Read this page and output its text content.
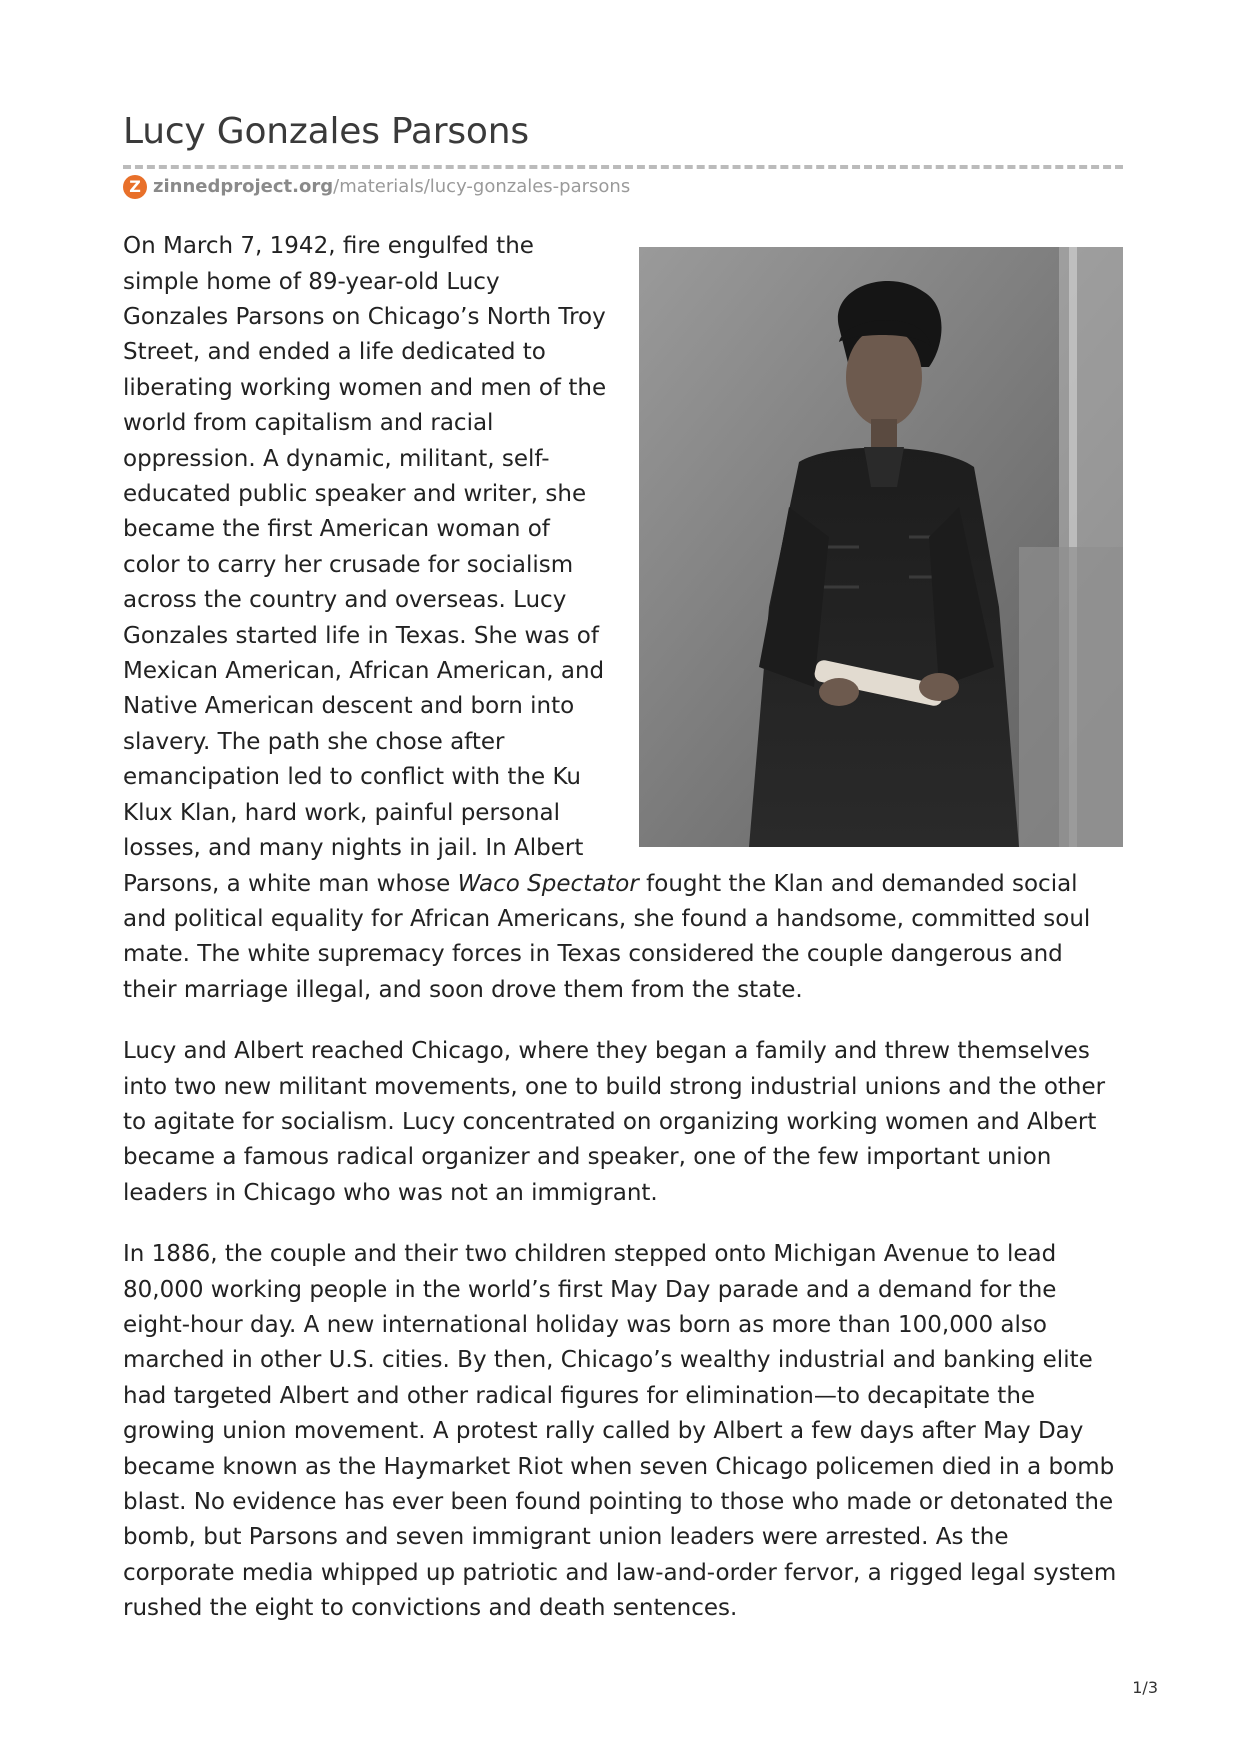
Lucy Gonzales Parsons
Z zinnedproject.org /materials/lucy-gonzales-parsons

On March 7, 1942, fire engulfed the simple home of 89-year-old Lucy Gonzales Parsons on Chicago’s North Troy Street, and ended a life dedicated to liberating working women and men of the world from capitalism and racial oppression. A dynamic, militant, self-educated public speaker and writer, she became the first American woman of color to carry her crusade for socialism across the country and overseas. Lucy Gonzales started life in Texas. She was of Mexican American, African American, and Native American descent and born into slavery. The path she chose after emancipation led to conflict with the Ku Klux Klan, hard work, painful personal losses, and many nights in jail. In Albert Parsons, a white man whose Waco Spectator fought the Klan and demanded social and political equality for African Americans, she found a handsome, committed soul mate. The white supremacy forces in Texas considered the couple dangerous and their marriage illegal, and soon drove them from the state.

Lucy and Albert reached Chicago, where they began a family and threw themselves into two new militant movements, one to build strong industrial unions and the other to agitate for socialism. Lucy concentrated on organizing working women and Albert became a famous radical organizer and speaker, one of the few important union leaders in Chicago who was not an immigrant.

In 1886, the couple and their two children stepped onto Michigan Avenue to lead 80,000 working people in the world’s first May Day parade and a demand for the eight-hour day. A new international holiday was born as more than 100,000 also marched in other U.S. cities. By then, Chicago’s wealthy industrial and banking elite had targeted Albert and other radical figures for elimination—to decapitate the growing union movement. A protest rally called by Albert a few days after May Day became known as the Haymarket Riot when seven Chicago policemen died in a bomb blast. No evidence has ever been found pointing to those who made or detonated the bomb, but Parsons and seven immigrant union leaders were arrested. As the corporate media whipped up patriotic and law-and-order fervor, a rigged legal system rushed the eight to convictions and death sentences.

1/3
